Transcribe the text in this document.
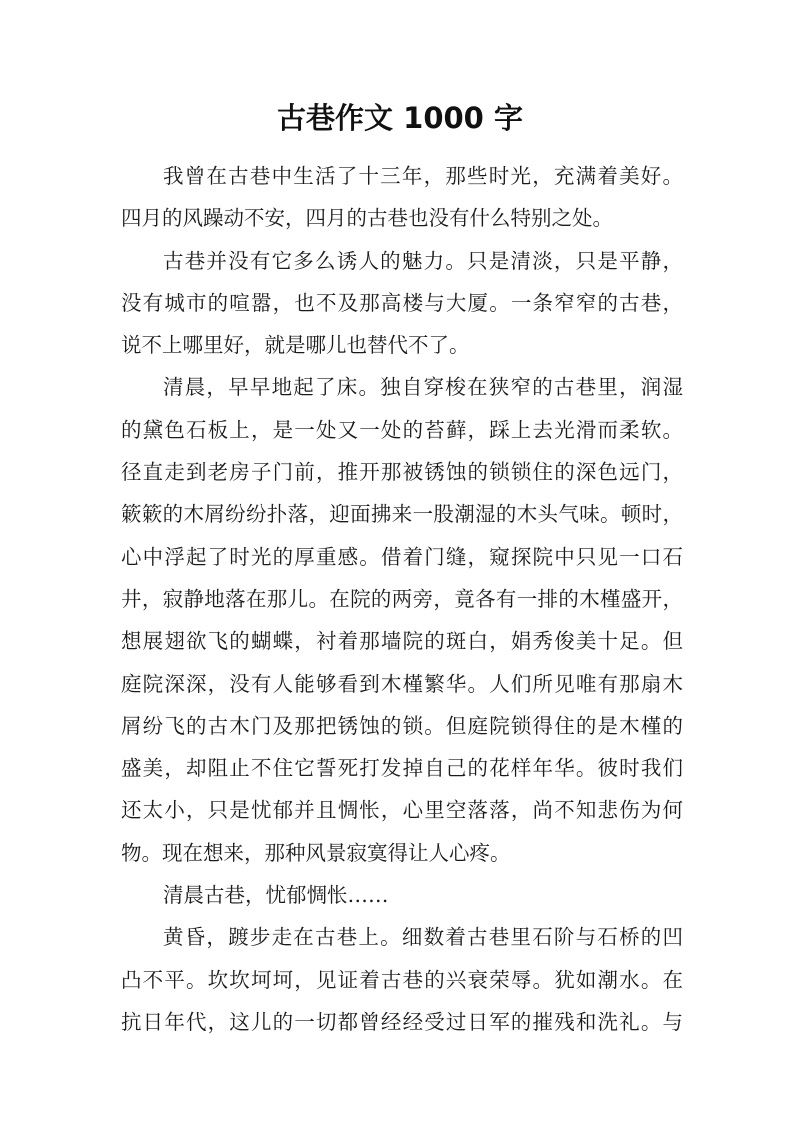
古巷作文 1000 字
我曾在古巷中生活了十三年，那些时光，充满着美好。
四月的风躁动不安，四月的古巷也没有什么特别之处。
古巷并没有它多么诱人的魅力。只是清淡，只是平静，
没有城市的喧嚣，也不及那高楼与大厦。一条窄窄的古巷，
说不上哪里好，就是哪儿也替代不了。
清晨，早早地起了床。独自穿梭在狭窄的古巷里，润湿
的黛色石板上，是一处又一处的苔藓，踩上去光滑而柔软。
径直走到老房子门前，推开那被锈蚀的锁锁住的深色远门，
簌簌的木屑纷纷扑落，迎面拂来一股潮湿的木头气味。顿时，
心中浮起了时光的厚重感。借着门缝，窥探院中只见一口石
井，寂静地落在那儿。在院的两旁，竟各有一排的木槿盛开，
想展翅欲飞的蝴蝶，衬着那墙院的斑白，娟秀俊美十足。但
庭院深深，没有人能够看到木槿繁华。人们所见唯有那扇木
屑纷飞的古木门及那把锈蚀的锁。但庭院锁得住的是木槿的
盛美，却阻止不住它誓死打发掉自己的花样年华。彼时我们
还太小，只是忧郁并且惆怅，心里空落落，尚不知悲伤为何
物。现在想来，那种风景寂寞得让人心疼。
清晨古巷，忧郁惆怅……
黄昏，踱步走在古巷上。细数着古巷里石阶与石桥的凹
凸不平。坎坎坷坷，见证着古巷的兴衰荣辱。犹如潮水。在
抗日年代，这儿的一切都曾经经受过日军的摧残和洗礼。与
